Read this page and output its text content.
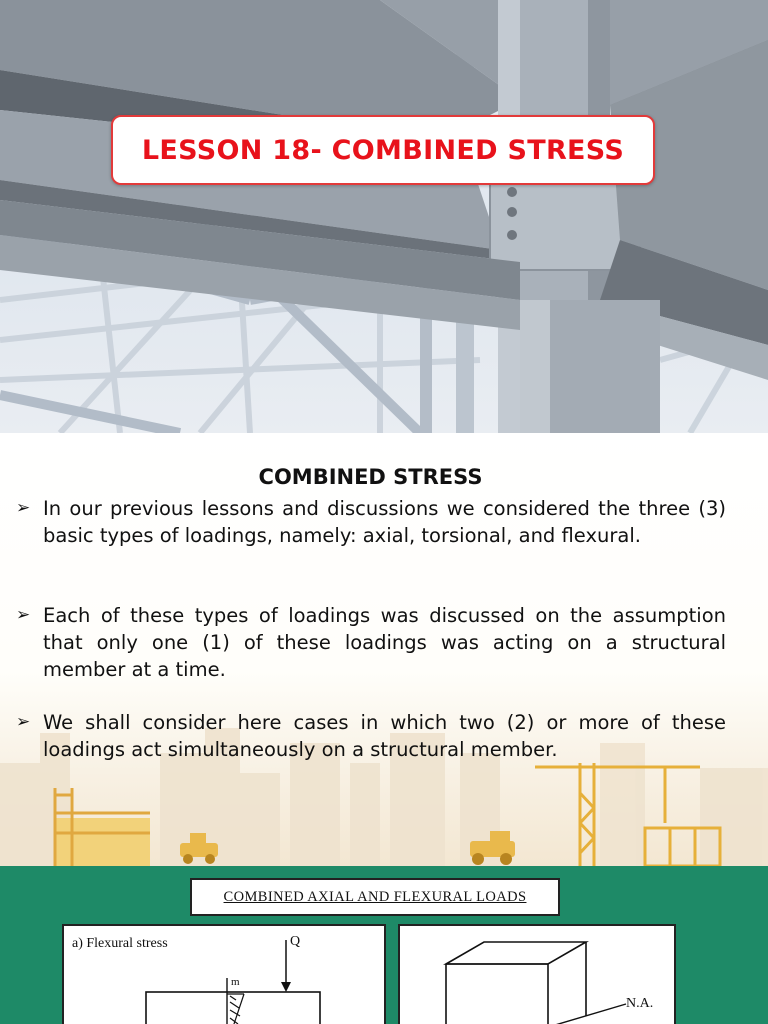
LESSON 18- COMBINED STRESS
COMBINED STRESS
➢ In our previous lessons and discussions we considered the three (3) basic types of loadings, namely: axial, torsional, and flexural.
➢ Each of these types of loadings was discussed on the assumption that only one (1) of these loadings was acting on a structural member at a time.
➢ We shall consider here cases in which two (2) or more of these loadings act simultaneously on a structural member.
COMBINED AXIAL AND FLEXURAL LOADS
a) Flexural stress	Q
m
N.A.
